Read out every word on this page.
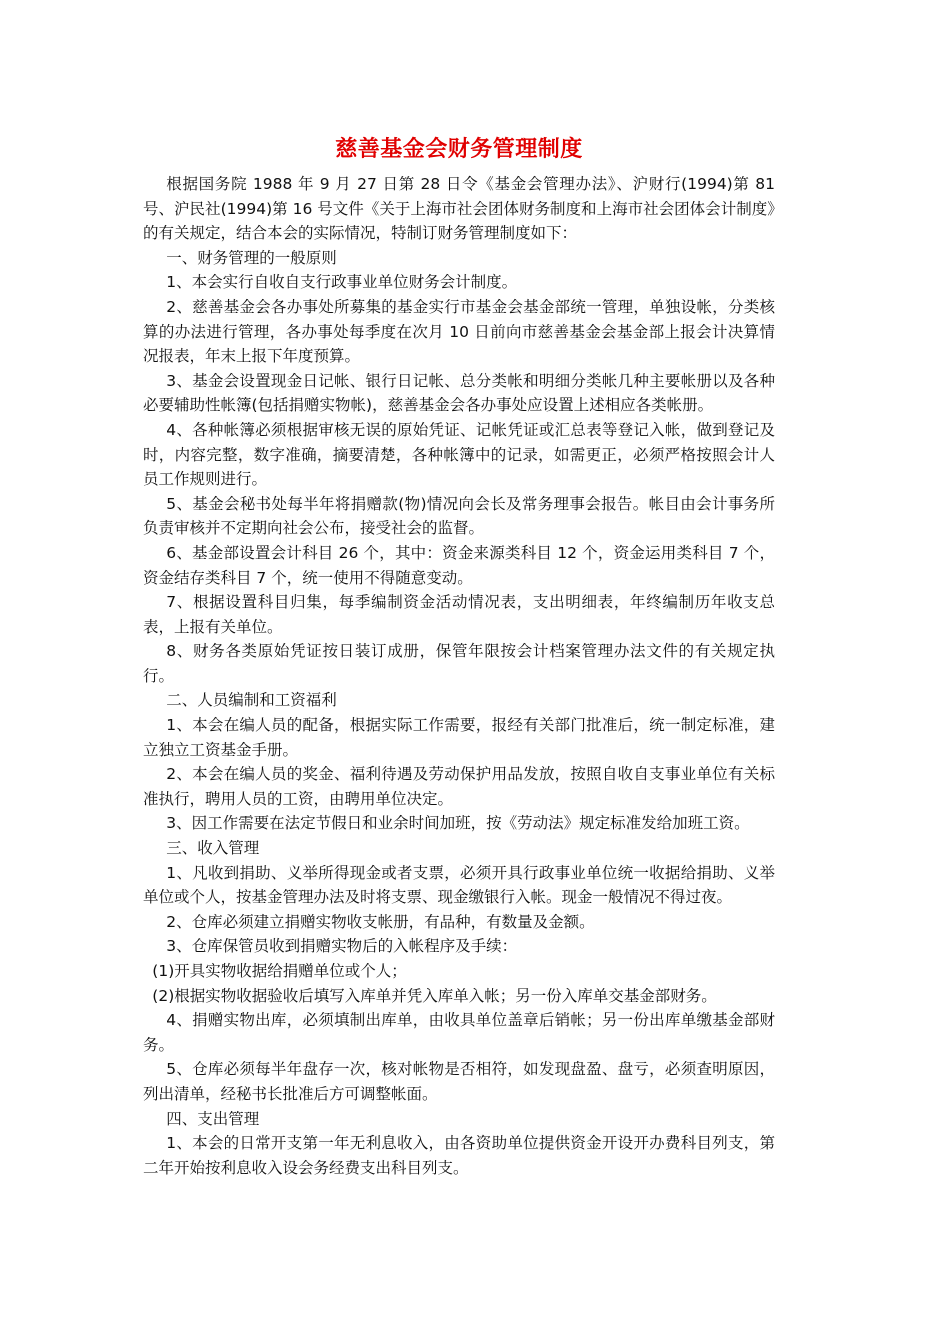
慈善基金会财务管理制度

根据国务院 1988 年 9 月 27 日第 28 日令《基金会管理办法》、沪财行(1994)第 81 号、沪民社(1994)第 16 号文件《关于上海市社会团体财务制度和上海市社会团体会计制度》的有关规定，结合本会的实际情况，特制订财务管理制度如下：

一、财务管理的一般原则

1、本会实行自收自支行政事业单位财务会计制度。

2、慈善基金会各办事处所募集的基金实行市基金会基金部统一管理，单独设帐，分类核算的办法进行管理，各办事处每季度在次月 10 日前向市慈善基金会基金部上报会计决算情况报表，年末上报下年度预算。

3、基金会设置现金日记帐、银行日记帐、总分类帐和明细分类帐几种主要帐册以及各种必要辅助性帐簿(包括捐赠实物帐)，慈善基金会各办事处应设置上述相应各类帐册。

4、各种帐簿必须根据审核无误的原始凭证、记帐凭证或汇总表等登记入帐，做到登记及时，内容完整，数字准确，摘要清楚，各种帐簿中的记录，如需更正，必须严格按照会计人员工作规则进行。

5、基金会秘书处每半年将捐赠款(物)情况向会长及常务理事会报告。帐目由会计事务所负责审核并不定期向社会公布，接受社会的监督。

6、基金部设置会计科目 26 个，其中：资金来源类科目 12 个，资金运用类科目 7 个，资金结存类科目 7 个，统一使用不得随意变动。

7、根据设置科目归集，每季编制资金活动情况表，支出明细表，年终编制历年收支总表，上报有关单位。

8、财务各类原始凭证按日装订成册，保管年限按会计档案管理办法文件的有关规定执行。

二、人员编制和工资福利

1、本会在编人员的配备，根据实际工作需要，报经有关部门批准后，统一制定标准，建立独立工资基金手册。

2、本会在编人员的奖金、福利待遇及劳动保护用品发放，按照自收自支事业单位有关标准执行，聘用人员的工资，由聘用单位决定。

3、因工作需要在法定节假日和业余时间加班，按《劳动法》规定标准发给加班工资。

三、收入管理

1、凡收到捐助、义举所得现金或者支票，必须开具行政事业单位统一收据给捐助、义举单位或个人，按基金管理办法及时将支票、现金缴银行入帐。现金一般情况不得过夜。

2、仓库必须建立捐赠实物收支帐册，有品种，有数量及金额。

3、仓库保管员收到捐赠实物后的入帐程序及手续：

(1)开具实物收据给捐赠单位或个人；

(2)根据实物收据验收后填写入库单并凭入库单入帐；另一份入库单交基金部财务。

4、捐赠实物出库，必须填制出库单，由收具单位盖章后销帐；另一份出库单缴基金部财务。

5、仓库必须每半年盘存一次，核对帐物是否相符，如发现盘盈、盘亏，必须查明原因，列出清单，经秘书长批准后方可调整帐面。

四、支出管理

1、本会的日常开支第一年无利息收入，由各资助单位提供资金开设开办费科目列支，第二年开始按利息收入设会务经费支出科目列支。
